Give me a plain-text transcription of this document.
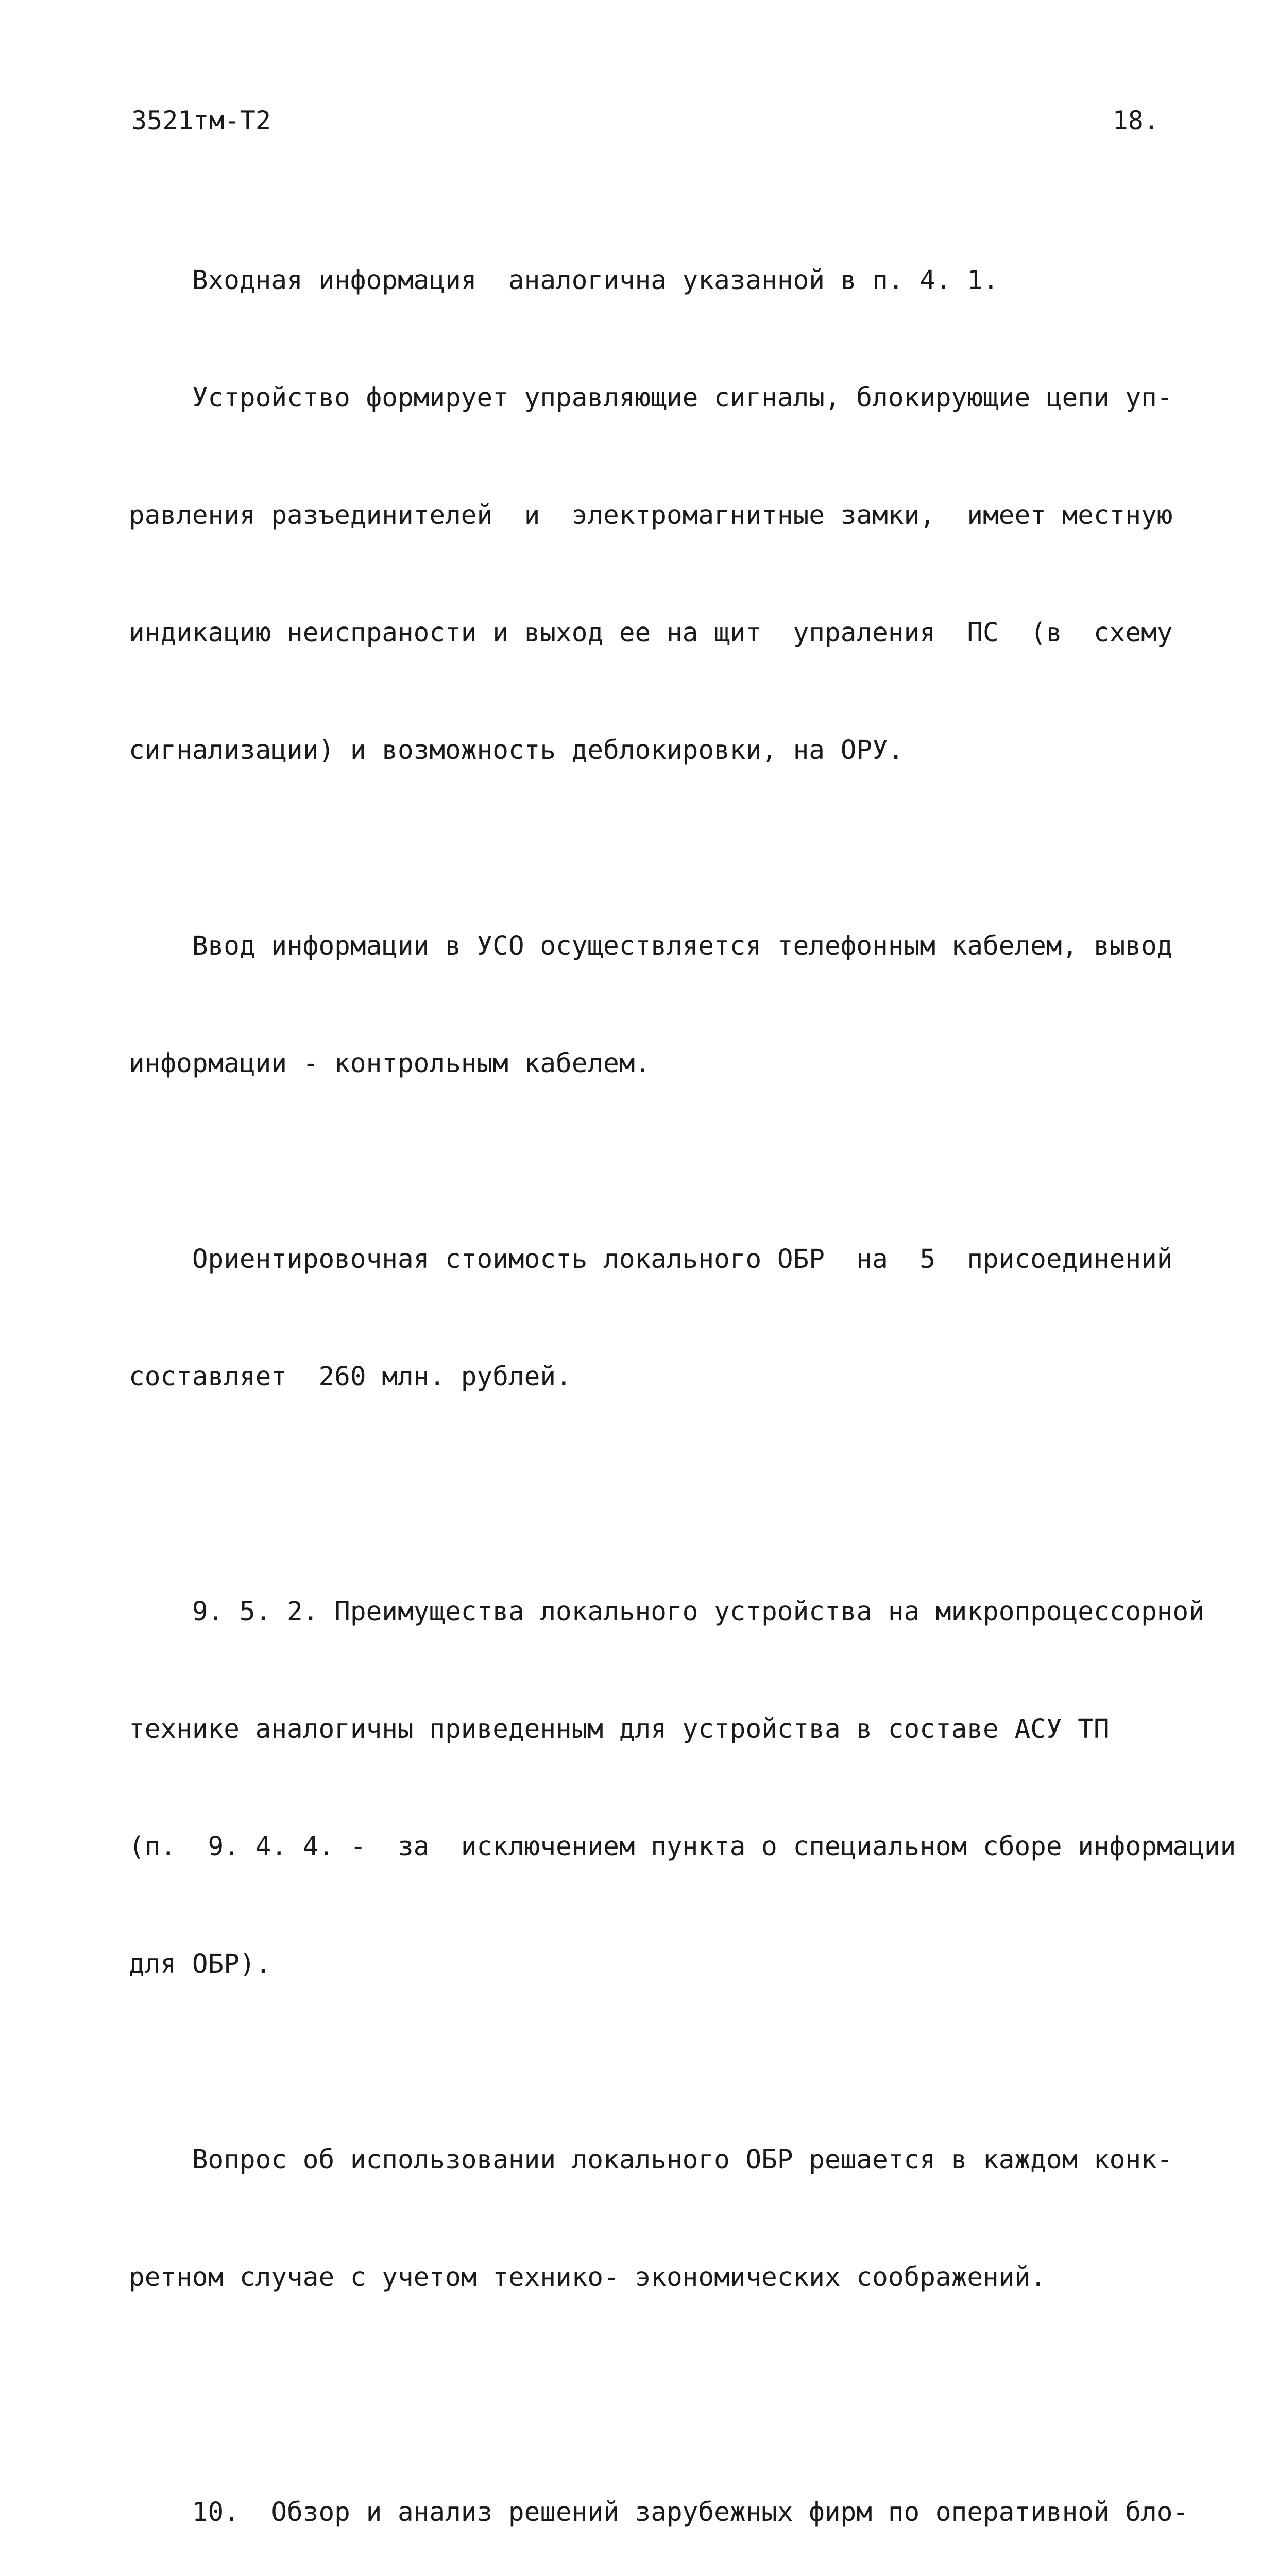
3521тм-Т2	18.

Входная информация  аналогична указанной в п. 4. 1.

Устройство формирует управляющие сигналы, блокирующие цепи уп-

равления разъединителей  и  электромагнитные замки,  имеет местную

индикацию неиспраности и выход ее на щит  упраления  ПС  (в  схему

сигнализации) и возможность деблокировки, на ОРУ.

Ввод информации в УСО осуществляется телефонным кабелем, вывод

информации - контрольным кабелем.

Ориентировочная стоимость локального ОБР  на  5  присоединений

составляет  260 млн. рублей.

9. 5. 2. Преимущества локального устройства на микропроцессорной

технике аналогичны приведенным для устройства в составе АСУ ТП

(п.  9. 4. 4. -  за  исключением пункта о специальном сборе информации

для ОБР).

Вопрос об использовании локального ОБР решается в каждом конк-

ретном случае с учетом технико- экономических соображений.

10.  Обзор и анализ решений зарубежных фирм по оперативной бло-
